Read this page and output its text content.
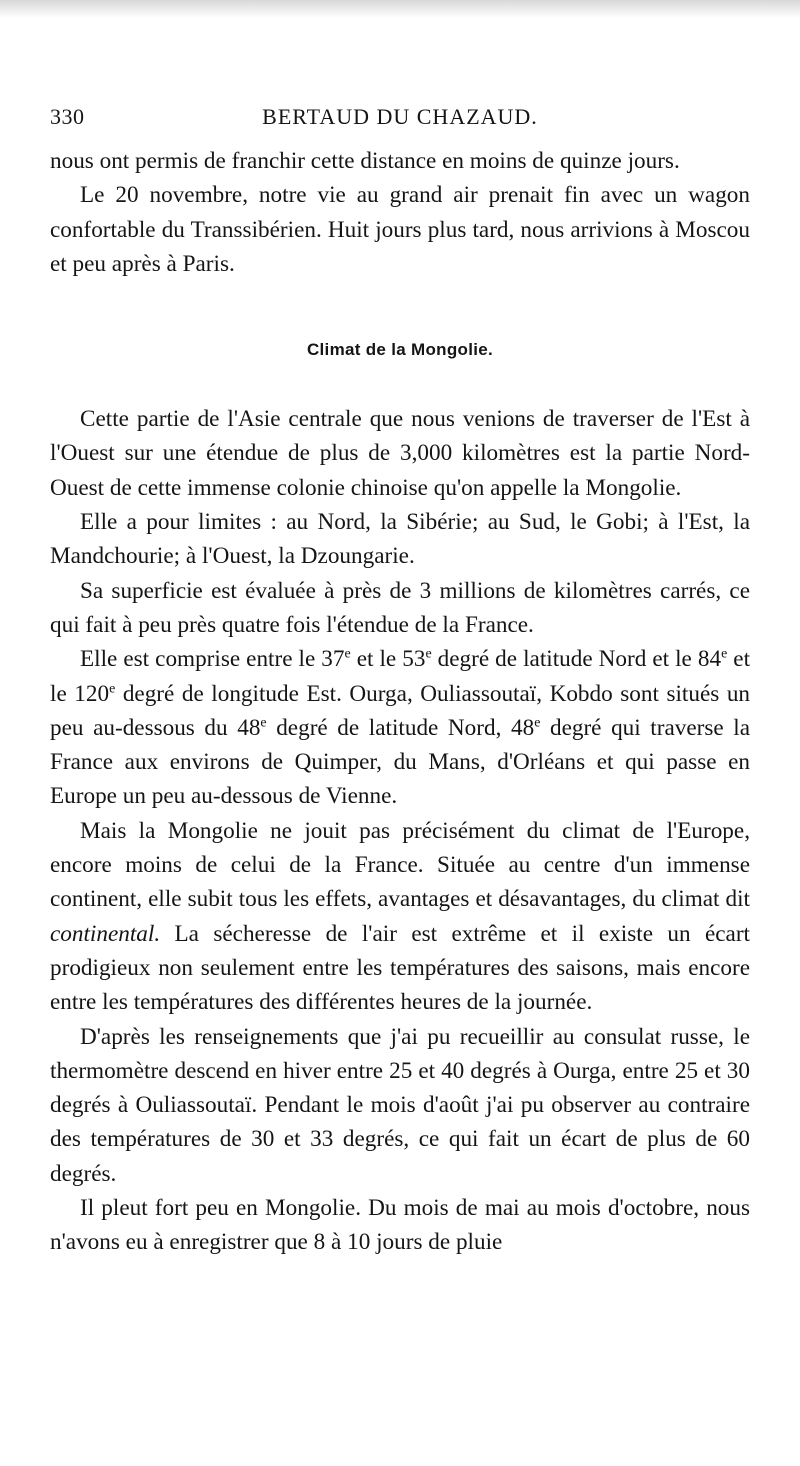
330	BERTAUD DU CHAZAUD.

nous ont permis de franchir cette distance en moins de quinze jours.

Le 20 novembre, notre vie au grand air prenait fin avec un wagon confortable du Transsibérien. Huit jours plus tard, nous arrivions à Moscou et peu après à Paris.

Climat de la Mongolie.

Cette partie de l'Asie centrale que nous venions de traverser de l'Est à l'Ouest sur une étendue de plus de 3,000 kilomètres est la partie Nord-Ouest de cette immense colonie chinoise qu'on appelle la Mongolie.

Elle a pour limites : au Nord, la Sibérie; au Sud, le Gobi; à l'Est, la Mandchourie; à l'Ouest, la Dzoungarie.

Sa superficie est évaluée à près de 3 millions de kilomètres carrés, ce qui fait à peu près quatre fois l'étendue de la France.

Elle est comprise entre le 37e et le 53e degré de latitude Nord et le 84e et le 120e degré de longitude Est. Ourga, Ouliassoutaï, Kobdo sont situés un peu au-dessous du 48e degré de latitude Nord, 48e degré qui traverse la France aux environs de Quimper, du Mans, d'Orléans et qui passe en Europe un peu au-dessous de Vienne.

Mais la Mongolie ne jouit pas précisément du climat de l'Europe, encore moins de celui de la France. Située au centre d'un immense continent, elle subit tous les effets, avantages et désavantages, du climat dit continental. La sécheresse de l'air est extrême et il existe un écart prodigieux non seulement entre les températures des saisons, mais encore entre les températures des différentes heures de la journée.

D'après les renseignements que j'ai pu recueillir au consulat russe, le thermomètre descend en hiver entre 25 et 40 degrés à Ourga, entre 25 et 30 degrés à Ouliassoutaï. Pendant le mois d'août j'ai pu observer au contraire des températures de 30 et 33 degrés, ce qui fait un écart de plus de 60 degrés.

Il pleut fort peu en Mongolie. Du mois de mai au mois d'octobre, nous n'avons eu à enregistrer que 8 à 10 jours de pluie
